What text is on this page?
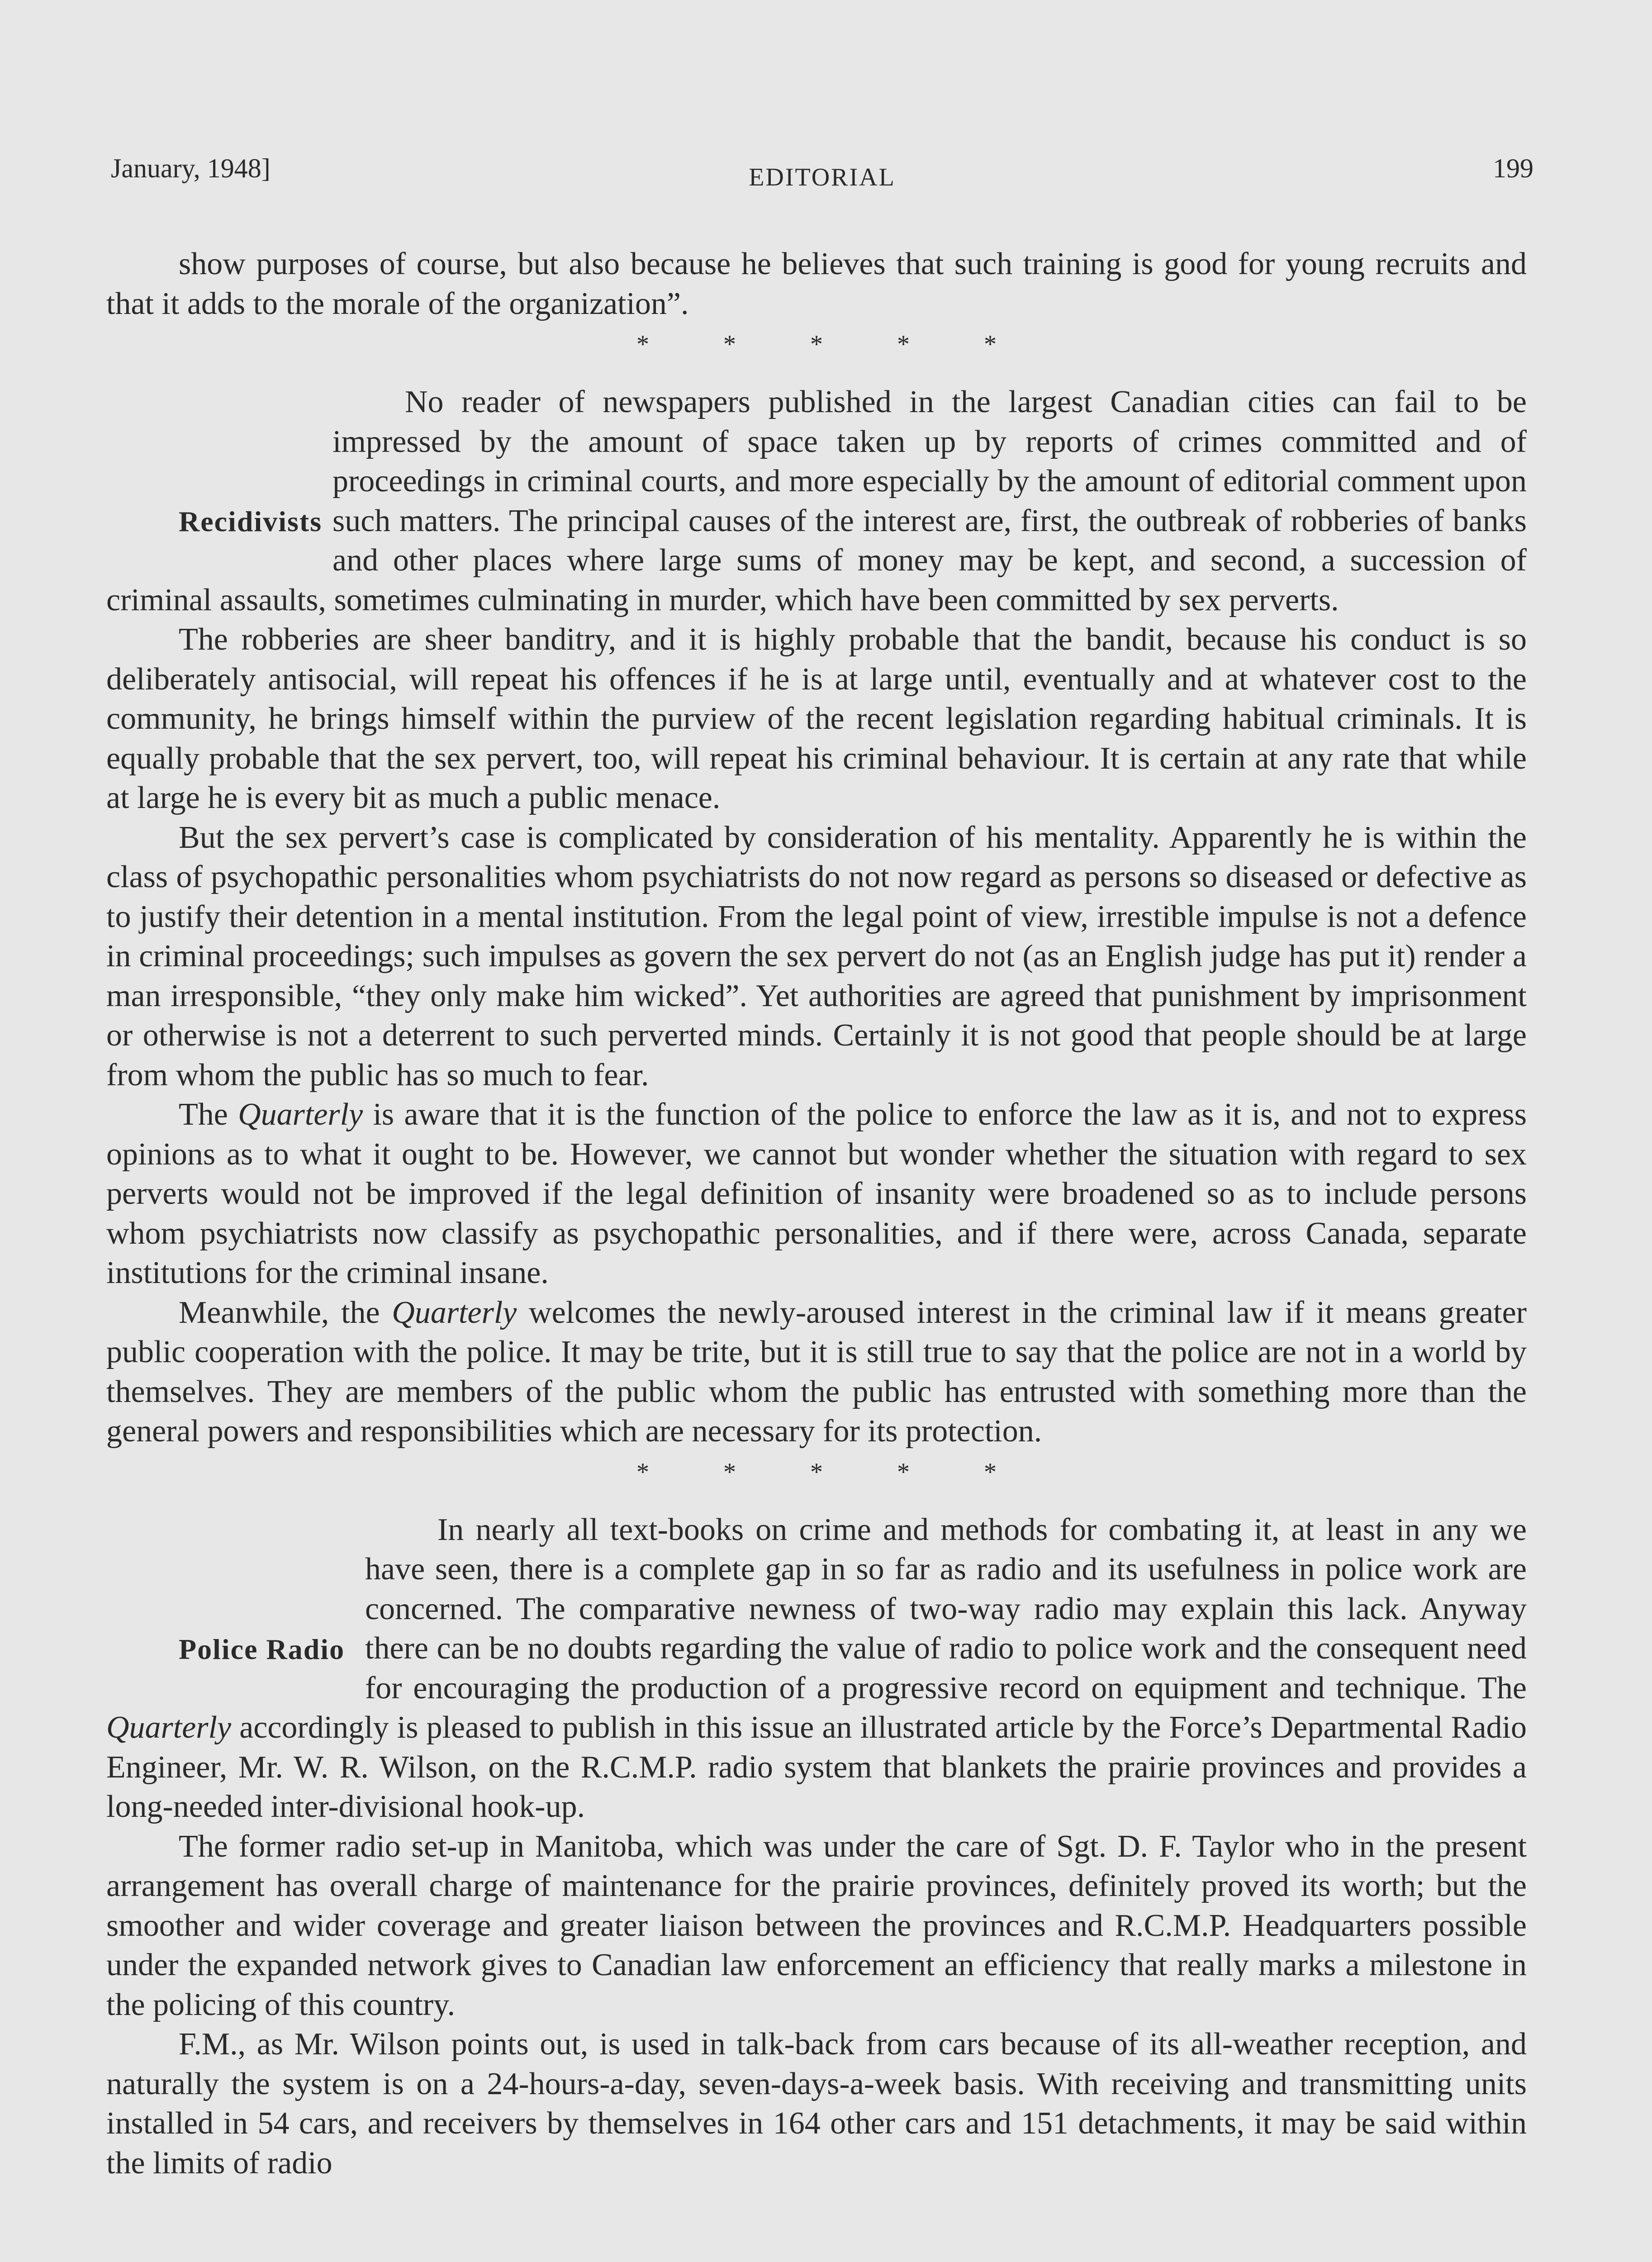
January, 1948]	EDITORIAL	199

show purposes of course, but also because he believes that such training is good for young recruits and that it adds to the morale of the organization”.

*	*	*	*	*

Recidivists
No reader of newspapers published in the largest Canadian cities can fail to be impressed by the amount of space taken up by reports of crimes committed and of proceedings in criminal courts, and more especially by the amount of editorial comment upon such matters. The principal causes of the interest are, first, the outbreak of robberies of banks and other places where large sums of money may be kept, and second, a succession of criminal assaults, sometimes culminating in murder, which have been committed by sex perverts.

The robberies are sheer banditry, and it is highly probable that the bandit, because his conduct is so deliberately antisocial, will repeat his offences if he is at large until, eventually and at whatever cost to the community, he brings himself within the purview of the recent legislation regarding habitual criminals. It is equally probable that the sex pervert, too, will repeat his criminal behaviour. It is certain at any rate that while at large he is every bit as much a public menace.

But the sex pervert’s case is complicated by consideration of his mentality. Apparently he is within the class of psychopathic personalities whom psychiatrists do not now regard as persons so diseased or defective as to justify their detention in a mental institution. From the legal point of view, irrestible impulse is not a defence in criminal proceedings; such impulses as govern the sex pervert do not (as an English judge has put it) render a man irresponsible, “they only make him wicked”. Yet authorities are agreed that punishment by imprisonment or otherwise is not a deterrent to such perverted minds. Certainly it is not good that people should be at large from whom the public has so much to fear.

The Quarterly is aware that it is the function of the police to enforce the law as it is, and not to express opinions as to what it ought to be. However, we cannot but wonder whether the situation with regard to sex perverts would not be improved if the legal definition of insanity were broadened so as to include persons whom psychiatrists now classify as psychopathic personalities, and if there were, across Canada, separate institutions for the criminal insane.

Meanwhile, the Quarterly welcomes the newly-aroused interest in the criminal law if it means greater public cooperation with the police. It may be trite, but it is still true to say that the police are not in a world by themselves. They are members of the public whom the public has entrusted with something more than the general powers and responsibilities which are necessary for its protection.

*	*	*	*	*

Police Radio
In nearly all text-books on crime and methods for combating it, at least in any we have seen, there is a complete gap in so far as radio and its usefulness in police work are concerned. The comparative newness of two-way radio may explain this lack. Anyway there can be no doubts regarding the value of radio to police work and the consequent need for encouraging the production of a progressive record on equipment and technique. The Quarterly accordingly is pleased to publish in this issue an illustrated article by the Force’s Departmental Radio Engineer, Mr. W. R. Wilson, on the R.C.M.P. radio system that blankets the prairie provinces and provides a long-needed inter-divisional hook-up.

The former radio set-up in Manitoba, which was under the care of Sgt. D. F. Taylor who in the present arrangement has overall charge of maintenance for the prairie provinces, definitely proved its worth; but the smoother and wider coverage and greater liaison between the provinces and R.C.M.P. Headquarters possible under the expanded network gives to Canadian law enforcement an efficiency that really marks a milestone in the policing of this country.

F.M., as Mr. Wilson points out, is used in talk-back from cars because of its all-weather reception, and naturally the system is on a 24-hours-a-day, seven-days-a-week basis. With receiving and transmitting units installed in 54 cars, and receivers by themselves in 164 other cars and 151 detachments, it may be said within the limits of radio
